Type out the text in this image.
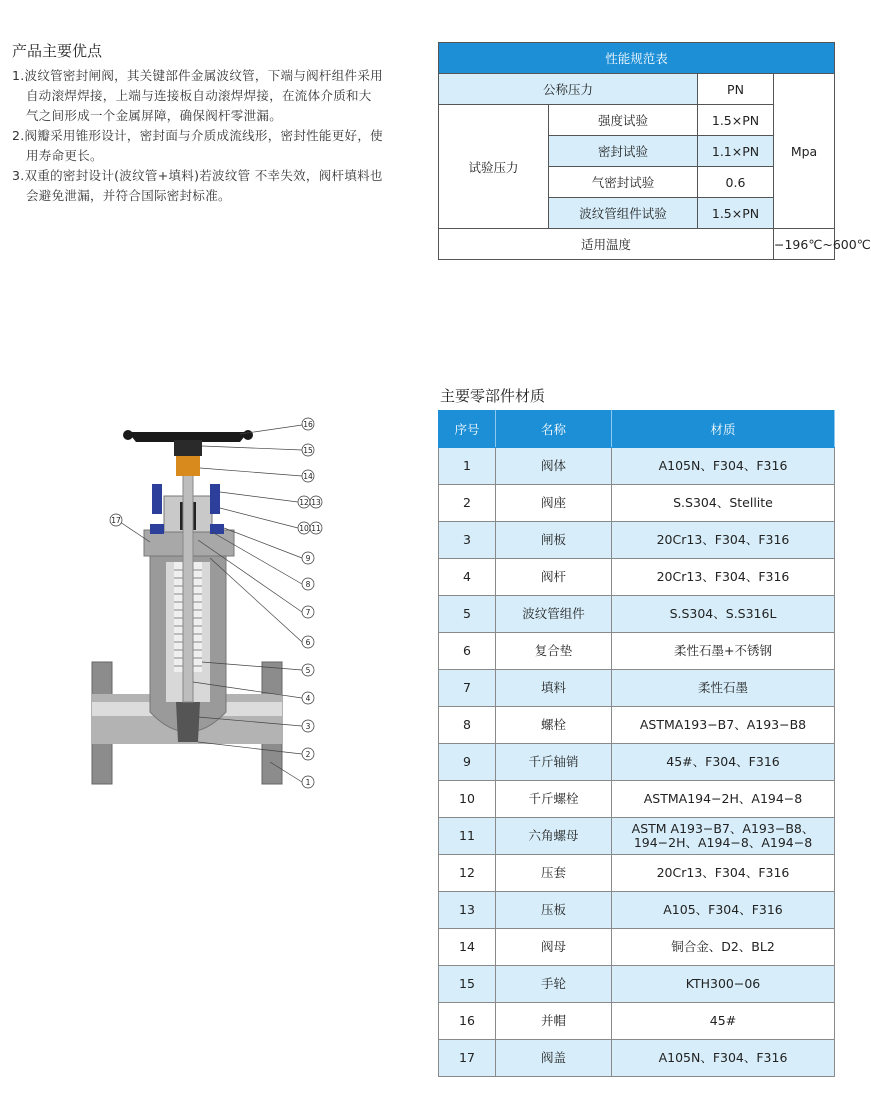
产品主要优点
1.波纹管密封闸阀，其关键部件金属波纹管，下端与阀杆组件采用自动滚焊焊接，上端与连接板自动滚焊焊接，在流体介质和大气之间形成一个金属屏障，确保阀杆零泄漏。
2.阀瓣采用锥形设计，密封面与介质成流线形，密封性能更好，使用寿命更长。
3.双重的密封设计(波纹管+填料)若波纹管 不幸失效，阀杆填料也会避免泄漏，并符合国际密封标准。
性能规范表			
公称压力		PN	Mpa
试验压力	强度试验	1.5×PN	
	密封试验	1.1×PN	
	气密封试验	0.6	
	波纹管组件试验	1.5×PN	
适用温度			−196℃~600℃
16
15
14
12 13
10 11
9
8
7
6
5
4
3
2
1
17
主要零部件材质
序号	名称	材质
1	阀体	A105N、F304、F316
2	阀座	S.S304、Stellite
3	闸板	20Cr13、F304、F316
4	阀杆	20Cr13、F304、F316
5	波纹管组件	S.S304、S.S316L
6	复合垫	柔性石墨+不锈钢
7	填料	柔性石墨
8	螺栓	ASTMA193−B7、A193−B8
9	千斤轴销	45#、F304、F316
10	千斤螺栓	ASTMA194−2H、A194−8
11	六角螺母	ASTM A193−B7、A193−B8、194−2H、A194−8、A194−8
12	压套	20Cr13、F304、F316
13	压板	A105、F304、F316
14	阀母	铜合金、D2、BL2
15	手轮	KTH300−06
16	并帽	45#
17	阀盖	A105N、F304、F316
